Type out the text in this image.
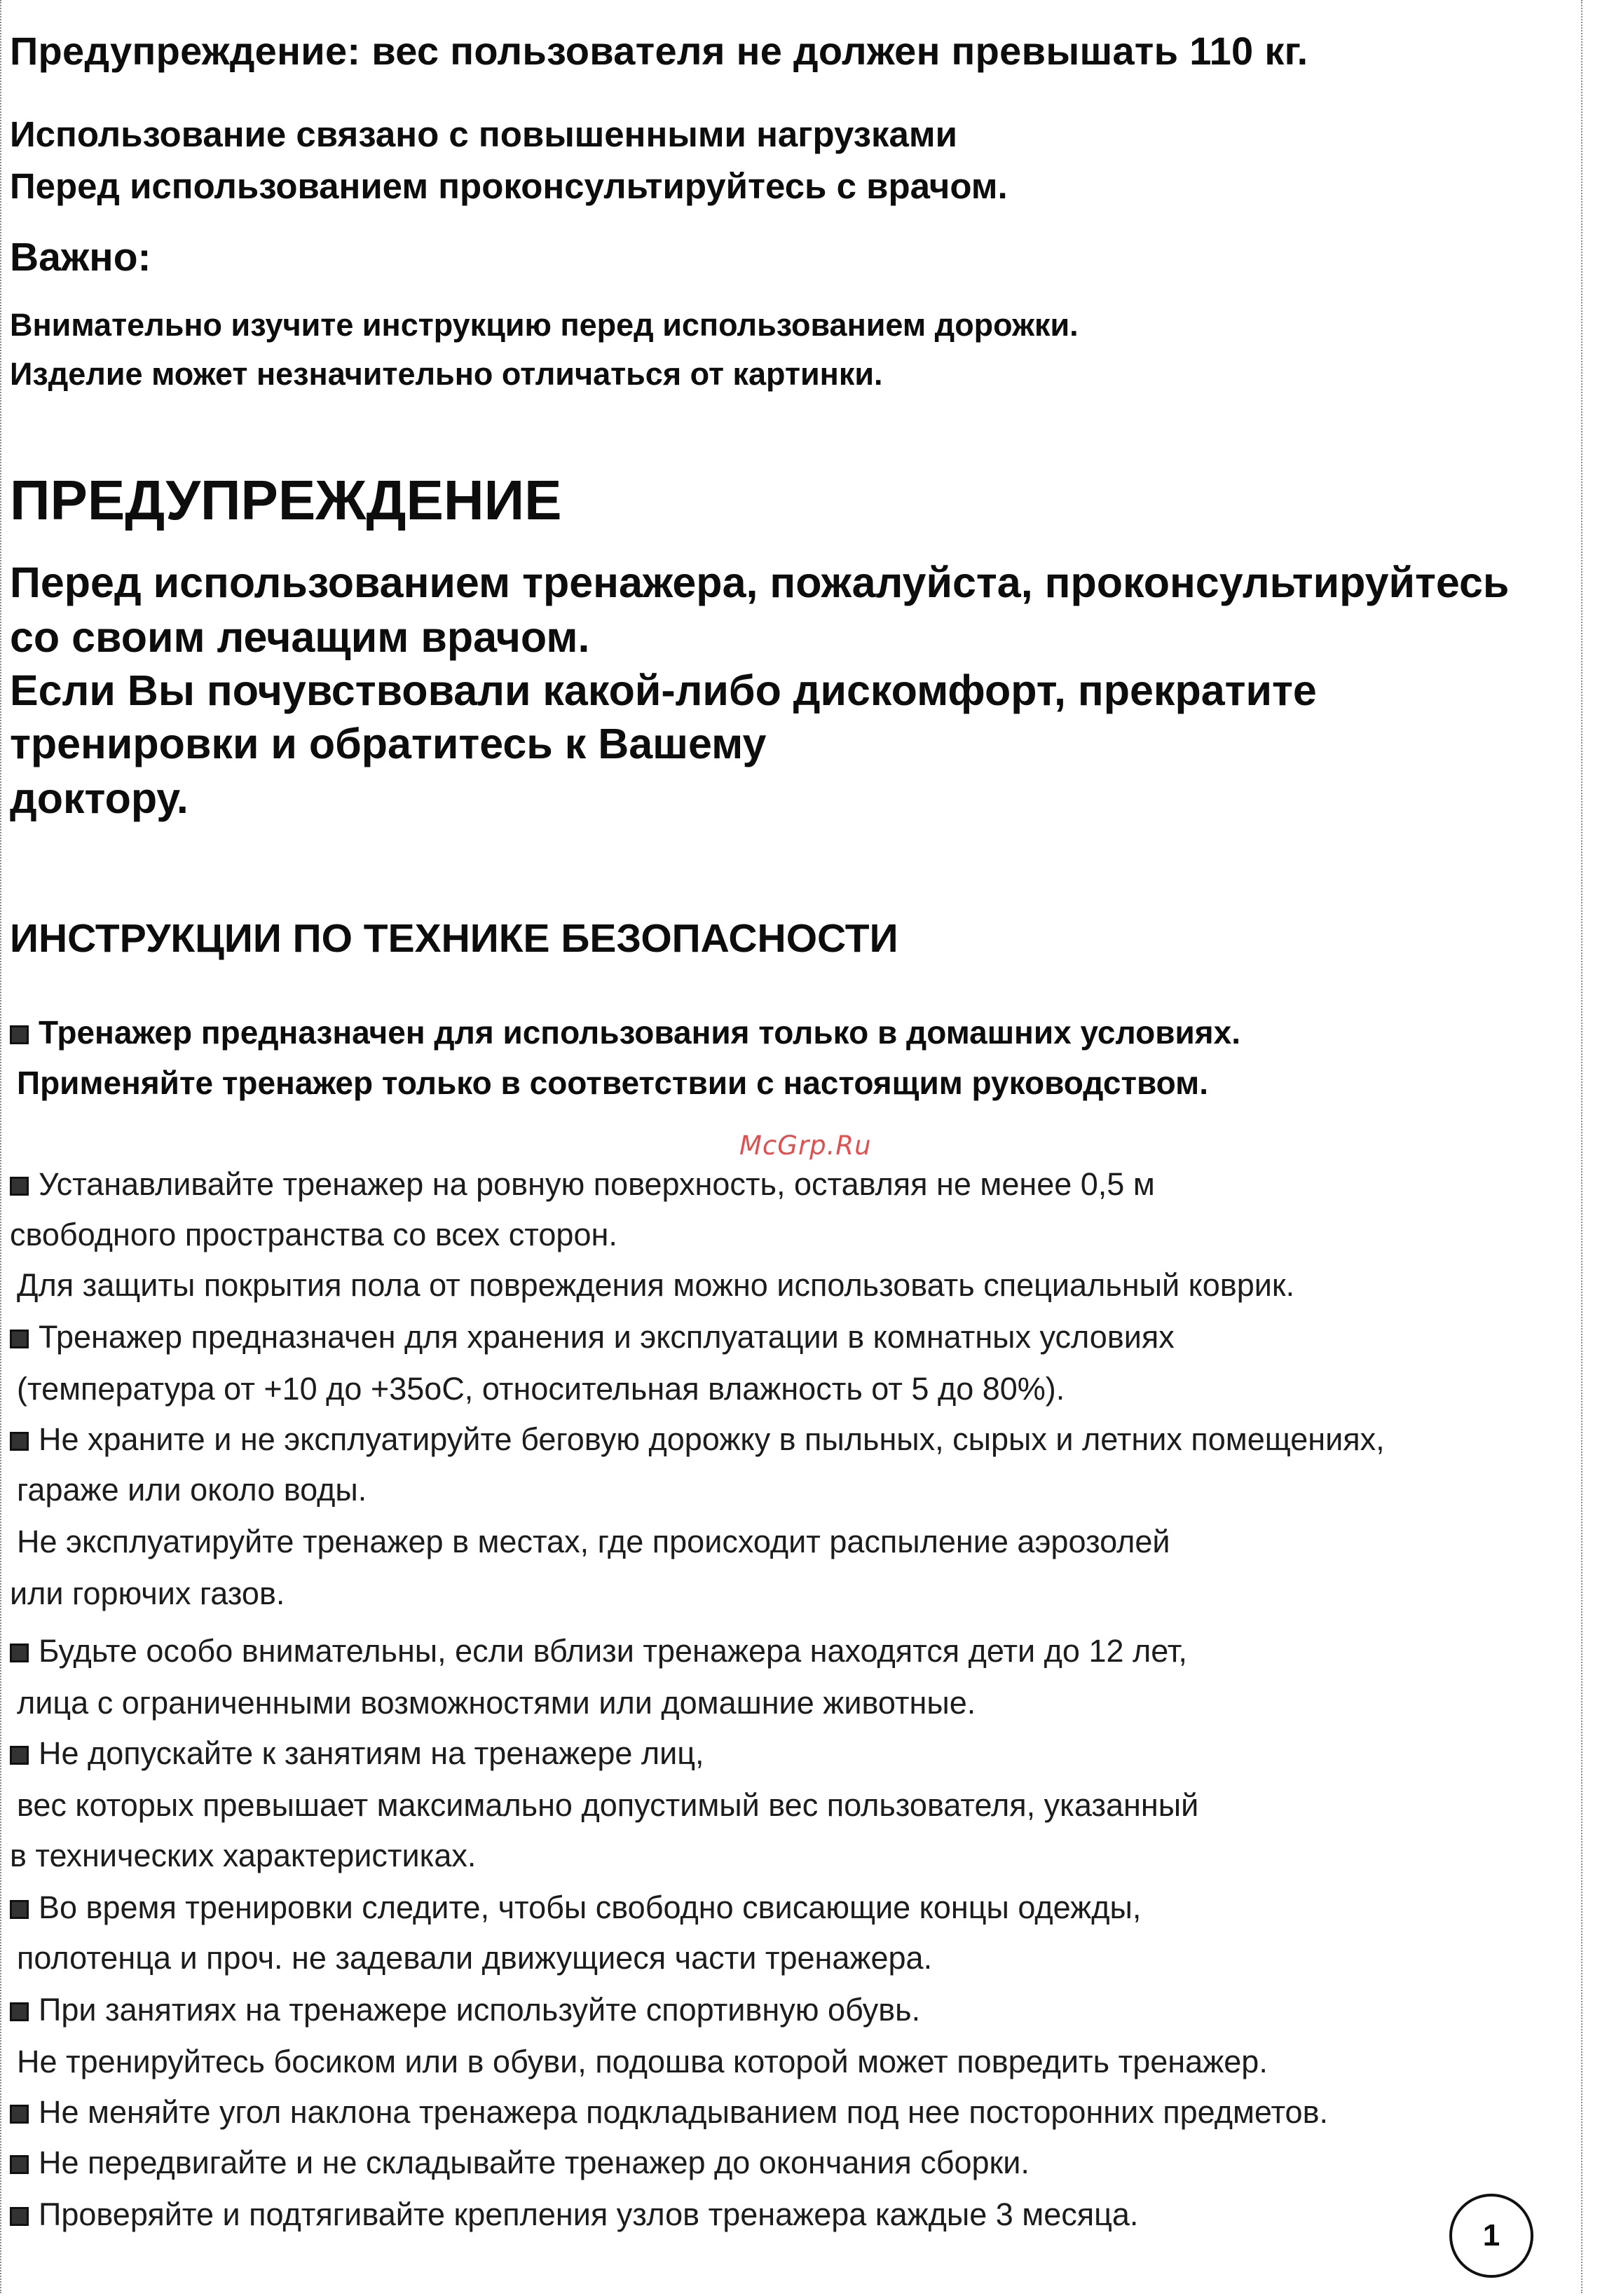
Предупреждение: вес пользователя не должен превышать 110 кг.

Использование связано с повышенными нагрузками

Перед использованием проконсультируйтесь с врачом.

Важно:

Внимательно изучите инструкцию перед использованием дорожки.

Изделие может незначительно отличаться от картинки.

ПРЕДУПРЕЖДЕНИЕ

Перед использованием тренажера, пожалуйста, проконсультируйтесь

со своим лечащим врачом.

Если Вы почувствовали какой-либо дискомфорт, прекратите

тренировки и обратитесь к Вашему

доктору.

ИНСТРУКЦИИ ПО ТЕХНИКЕ БЕЗОПАСНОСТИ

Тренажер предназначен для использования только в домашних условиях.

Применяйте тренажер только в соответствии с настоящим руководством.

McGrp.Ru

Устанавливайте тренажер на ровную поверхность, оставляя не менее 0,5 м

свободного пространства со всех сторон.

Для защиты покрытия пола от повреждения можно использовать специальный коврик.

Тренажер предназначен для хранения и эксплуатации в комнатных условиях

(температура от +10 до +35оС, относительная влажность от 5 до 80%).

Не храните и не эксплуатируйте беговую дорожку в пыльных, сырых и летних помещениях,

гараже или около воды.

Не эксплуатируйте тренажер в местах, где происходит распыление аэрозолей

или горючих газов.

Будьте особо внимательны, если вблизи тренажера находятся дети до 12 лет,

лица с ограниченными возможностями или домашние животные.

Не допускайте к занятиям на тренажере лиц,

вес которых превышает максимально допустимый вес пользователя, указанный

в технических характеристиках.

Во время тренировки следите, чтобы свободно свисающие концы одежды,

полотенца и проч. не задевали движущиеся части тренажера.

При занятиях на тренажере используйте спортивную обувь.

Не тренируйтесь босиком или в обуви, подошва которой может повредить тренажер.

Не меняйте угол наклона тренажера подкладыванием под нее посторонних предметов.

Не передвигайте и не складывайте тренажер до окончания сборки.

Проверяйте и подтягивайте крепления узлов тренажера каждые 3 месяца.

1
